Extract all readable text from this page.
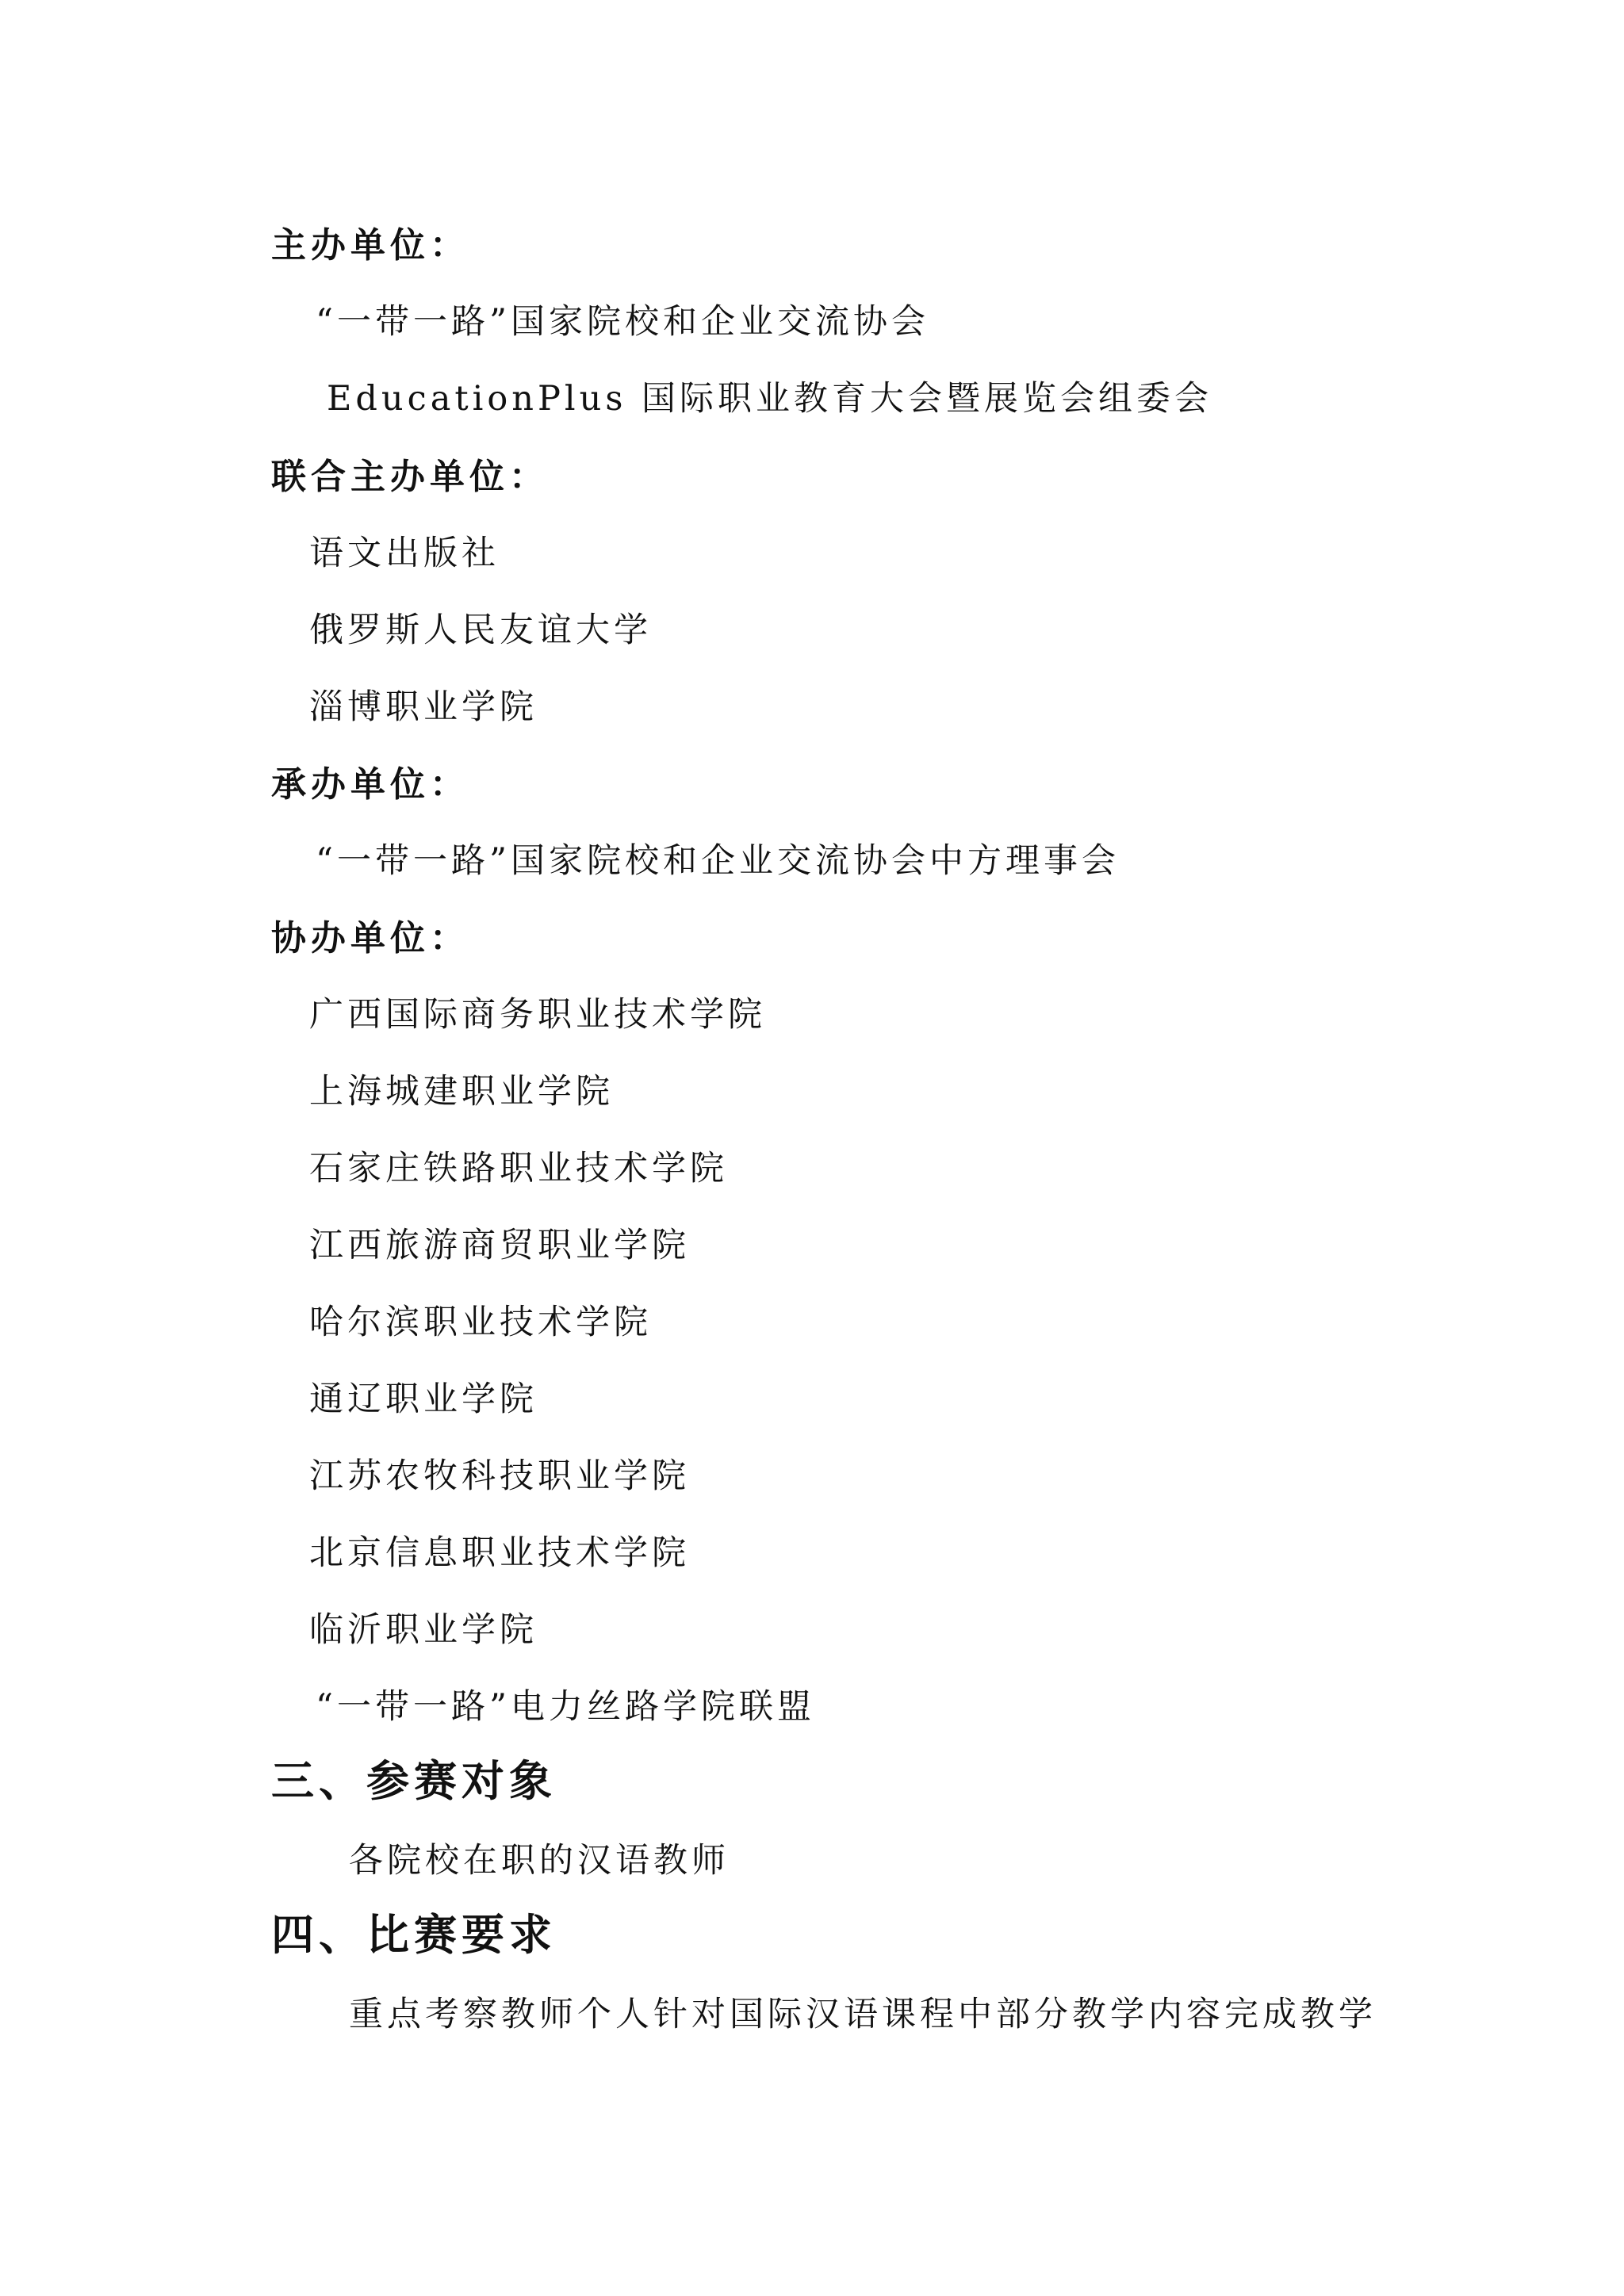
主办单位：
“一带一路”国家院校和企业交流协会
EducationPlus 国际职业教育大会暨展览会组委会
联合主办单位：
语文出版社
俄罗斯人民友谊大学
淄博职业学院
承办单位：
“一带一路”国家院校和企业交流协会中方理事会
协办单位：
广西国际商务职业技术学院
上海城建职业学院
石家庄铁路职业技术学院
江西旅游商贸职业学院
哈尔滨职业技术学院
通辽职业学院
江苏农牧科技职业学院
北京信息职业技术学院
临沂职业学院
“一带一路”电力丝路学院联盟
三、参赛对象
各院校在职的汉语教师
四、比赛要求
重点考察教师个人针对国际汉语课程中部分教学内容完成教学
